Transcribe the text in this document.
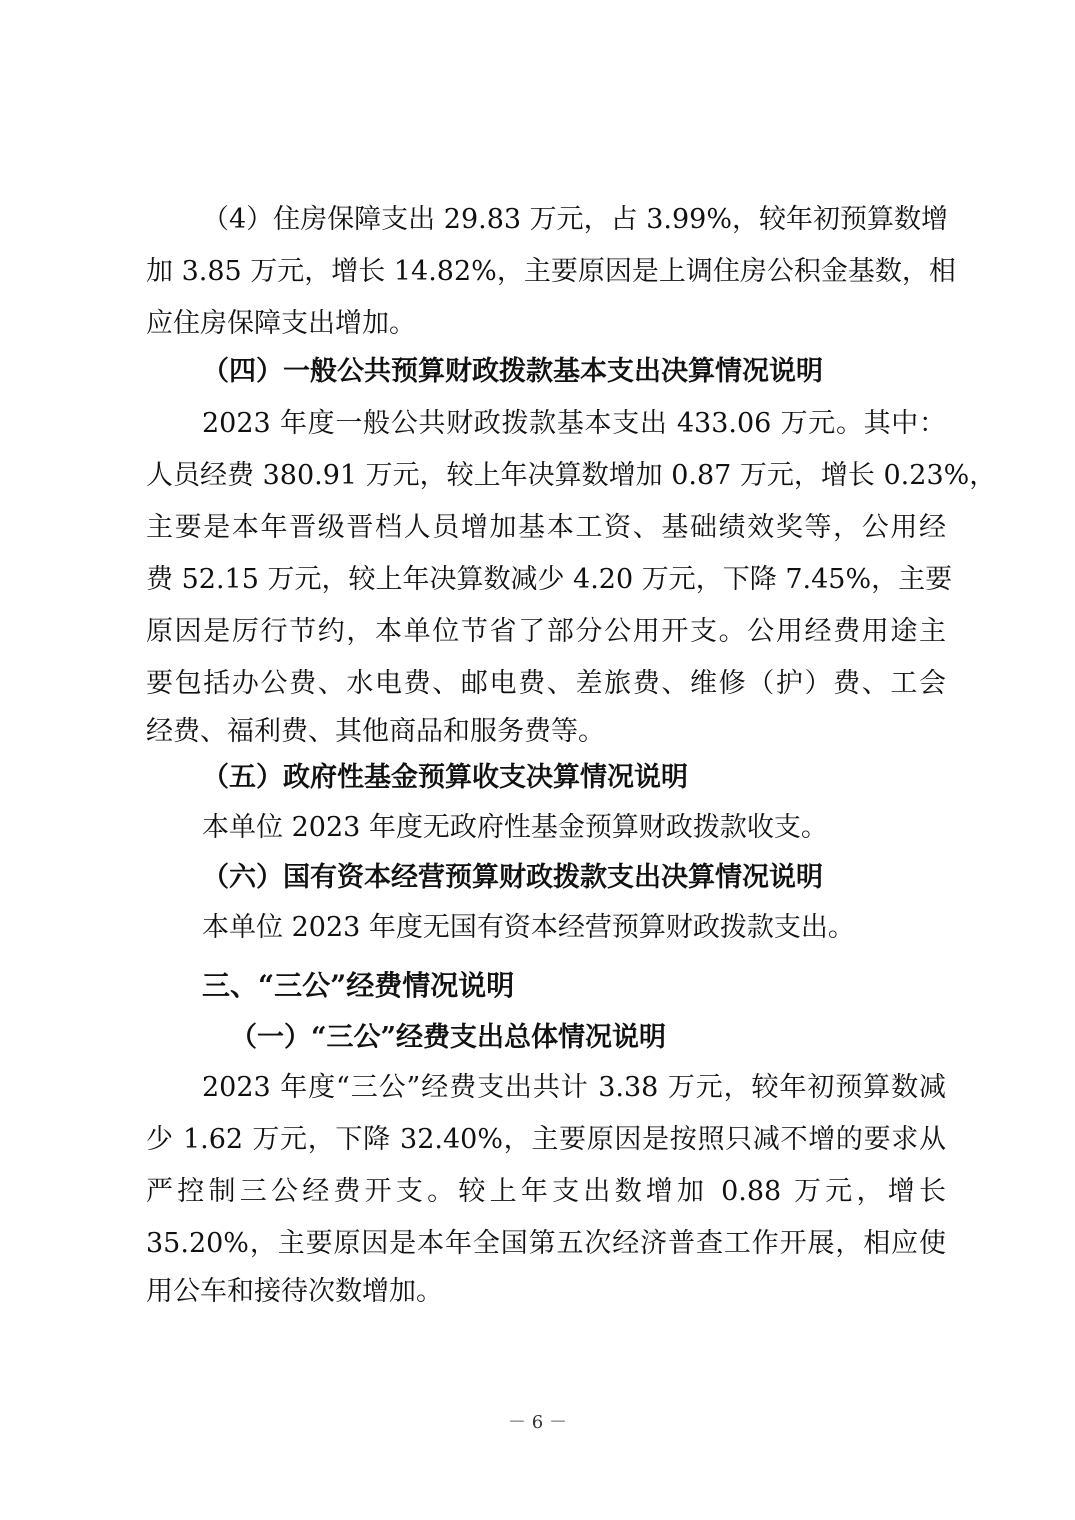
（4）住房保障支出 29.83 万元，占 3.99%，较年初预算数增
加 3.85 万元，增长 14.82%，主要原因是上调住房公积金基数，相
应住房保障支出增加。
（四）一般公共预算财政拨款基本支出决算情况说明
2023 年度一般公共财政拨款基本支出 433.06 万元。其中：
人员经费 380.91 万元，较上年决算数增加 0.87 万元，增长 0.23%，
主要是本年晋级晋档人员增加基本工资、基础绩效奖等，公用经
费 52.15 万元，较上年决算数减少 4.20 万元，下降 7.45%，主要
原因是厉行节约，本单位节省了部分公用开支。公用经费用途主
要包括办公费、水电费、邮电费、差旅费、维修（护）费、工会
经费、福利费、其他商品和服务费等。
（五）政府性基金预算收支决算情况说明
本单位 2023 年度无政府性基金预算财政拨款收支。
（六）国有资本经营预算财政拨款支出决算情况说明
本单位 2023 年度无国有资本经营预算财政拨款支出。
三、“三公”经费情况说明
（一）“三公”经费支出总体情况说明
2023 年度“三公”经费支出共计 3.38 万元，较年初预算数减
少 1.62 万元，下降 32.40%，主要原因是按照只减不增的要求从
严控制三公经费开支。较上年支出数增加 0.88 万元，增长
35.20%，主要原因是本年全国第五次经济普查工作开展，相应使
用公车和接待次数增加。
－ 6 －
